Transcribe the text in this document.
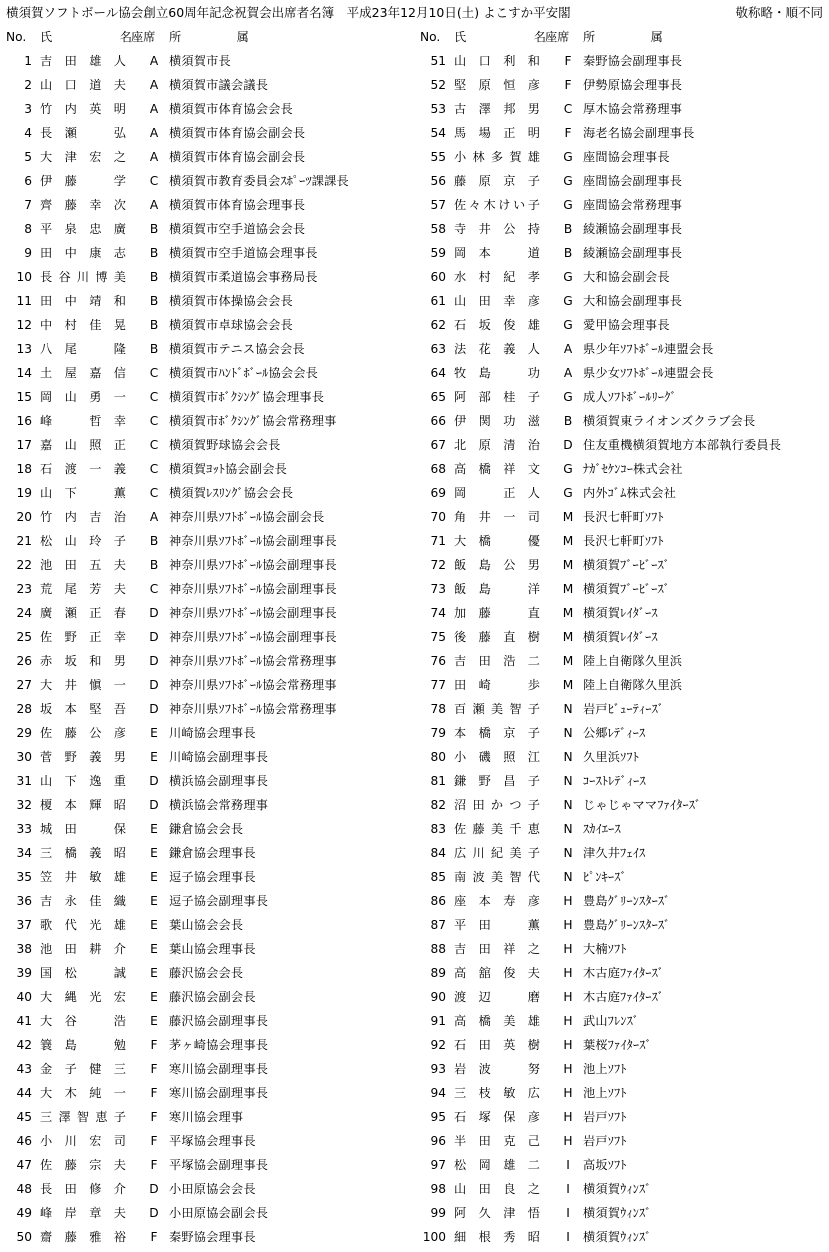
横須賀ソフトボール協会創立60周年記念祝賀会出席者名簿　平成23年12月10日(土) よこすか平安閣	敬称略・順不同
No.	氏　名 座席	所　属
1 吉田雄人	A 横須賀市長
2 山口道夫	A 横須賀市議会議長
3 竹内英明	A 横須賀市体育協会会長
4 長瀬　弘	A 横須賀市体育協会副会長
5 大津宏之	A 横須賀市体育協会副会長
6 伊藤　学	C 横須賀市教育委員会ｽﾎﾟｰﾂ課課長
7 齊藤幸次	A 横須賀市体育協会理事長
8 平泉忠廣	B 横須賀市空手道協会会長
9 田中康志	B 横須賀市空手道協会理事長
10 長谷川博美	B 横須賀市柔道協会事務局長
11 田中靖和	B 横須賀市体操協会会長
12 中村佳晃	B 横須賀市卓球協会会長
13 八尾　隆	B 横須賀市テニス協会会長
14 土屋嘉信	C 横須賀市ﾊﾝﾄﾞﾎﾞｰﾙ協会会長
15 岡山勇一	C 横須賀市ﾎﾞｸｼﾝｸﾞ協会理事長
16 峰　哲幸	C 横須賀市ﾎﾞｸｼﾝｸﾞ協会常務理事
17 嘉山照正	C 横須賀野球協会会長
18 石渡一義	C 横須賀ﾖｯﾄ協会副会長
19 山下　薫	C 横須賀ﾚｽﾘﾝｸﾞ協会会長
20 竹内吉治	A 神奈川県ｿﾌﾄﾎﾞｰﾙ協会副会長
21 松山玲子	B 神奈川県ｿﾌﾄﾎﾞｰﾙ協会副理事長
22 池田五夫	B 神奈川県ｿﾌﾄﾎﾞｰﾙ協会副理事長
23 荒尾芳夫	C 神奈川県ｿﾌﾄﾎﾞｰﾙ協会副理事長
24 廣瀬正春	D 神奈川県ｿﾌﾄﾎﾞｰﾙ協会副理事長
25 佐野正幸	D 神奈川県ｿﾌﾄﾎﾞｰﾙ協会副理事長
26 赤坂和男	D 神奈川県ｿﾌﾄﾎﾞｰﾙ協会常務理事
27 大井愼一	D 神奈川県ｿﾌﾄﾎﾞｰﾙ協会常務理事
28 坂本堅吾	D 神奈川県ｿﾌﾄﾎﾞｰﾙ協会常務理事
29 佐藤公彦	E 川崎協会理事長
30 菅野義男	E 川崎協会副理事長
31 山下逸重	D 横浜協会副理事長
32 榎本輝昭	D 横浜協会常務理事
33 城田　保	E 鎌倉協会会長
34 三橋義昭	E 鎌倉協会理事長
35 笠井敏雄	E 逗子協会理事長
36 吉永佳織	E 逗子協会副理事長
37 歌代光雄	E 葉山協会会長
38 池田耕介	E 葉山協会理事長
39 国松　誠	E 藤沢協会会長
40 大縄光宏	E 藤沢協会副会長
41 大谷　浩	E 藤沢協会副理事長
42 簔島　勉	F 茅ヶ崎協会理事長
43 金子健三	F 寒川協会副理事長
44 大木純一	F 寒川協会副理事長
45 三澤智恵子	F 寒川協会理事
46 小川宏司	F 平塚協会理事長
47 佐藤宗夫	F 平塚協会副理事長
48 長田修介	D 小田原協会会長
49 峰岸章夫	D 小田原協会副会長
50 齋藤雅裕	F 秦野協会理事長
No.	氏　名 座席	所　属
51 山口利和	F 秦野協会副理事長
52 堅原恒彦	F 伊勢原協会理事長
53 古澤邦男	C 厚木協会常務理事
54 馬場正明	F 海老名協会副理事長
55 小林多賀雄	G 座間協会理事長
56 藤原京子	G 座間協会副理事長
57 佐々木けい子	G 座間協会常務理事
58 寺井公持	B 綾瀬協会副理事長
59 岡本　道	B 綾瀬協会副理事長
60 水村紀孝	G 大和協会副会長
61 山田幸彦	G 大和協会副理事長
62 石坂俊雄	G 愛甲協会理事長
63 法花義人	A 県少年ｿﾌﾄﾎﾞｰﾙ連盟会長
64 牧島　功	A 県少女ｿﾌﾄﾎﾞｰﾙ連盟会長
65 阿部桂子	G 成人ｿﾌﾄﾎﾞｰﾙﾘｰｸﾞ
66 伊関功滋	B 横須賀東ライオンズクラブ会長
67 北原清治	D 住友重機横須賀地方本部執行委員長
68 高橋祥文	G ﾅｶﾞｾｹﾝｺｰ株式会社
69 岡　正人	G 内外ｺﾞﾑ株式会社
70 角井一司	M 長沢七軒町ｿﾌﾄ
71 大橋　優	M 長沢七軒町ｿﾌﾄ
72 飯島公男	M 横須賀ﾌﾞｰﾋﾞｰｽﾞ
73 飯島　洋	M 横須賀ﾌﾞｰﾋﾞｰｽﾞ
74 加藤　直	M 横須賀ﾚｲﾀﾞｰｽ
75 後藤直樹	M 横須賀ﾚｲﾀﾞｰｽ
76 吉田浩二	M 陸上自衛隊久里浜
77 田崎　歩	M 陸上自衛隊久里浜
78 百瀬美智子	N 岩戸ﾋﾞｭｰﾃｨｰｽﾞ
79 本橋京子	N 公郷ﾚﾃﾞｨｰｽ
80 小磯照江	N 久里浜ｿﾌﾄ
81 鎌野昌子	N ｺｰｽﾄﾚﾃﾞｨｰｽ
82 沼田かつ子	N じゃじゃママﾌｧｲﾀｰｽﾞ
83 佐藤美千恵	N ｽｶｲｴｰｽ
84 広川紀美子	N 津久井ﾌｪｲｽ
85 南波美智代	N ﾋﾟﾝｷｰｽﾞ
86 座本寿彦	H 豊島ｸﾞﾘｰﾝｽﾀｰｽﾞ
87 平田　薫	H 豊島ｸﾞﾘｰﾝｽﾀｰｽﾞ
88 吉田祥之	H 大楠ｿﾌﾄ
89 高舘俊夫	H 木古庭ﾌｧｲﾀｰｽﾞ
90 渡辺　磨	H 木古庭ﾌｧｲﾀｰｽﾞ
91 高橋美雄	H 武山ﾌﾚﾝｽﾞ
92 石田英樹	H 葉桜ﾌｧｲﾀｰｽﾞ
93 岩波　努	H 池上ｿﾌﾄ
94 三枝敏広	H 池上ｿﾌﾄ
95 石塚保彦	H 岩戸ｿﾌﾄ
96 半田克己	H 岩戸ｿﾌﾄ
97 松岡雄二	I	高坂ｿﾌﾄ
98 山田良之	I	横須賀ｳｨﾝｽﾞ
99 阿久津悟	I	横須賀ｳｨﾝｽﾞ
100 細根秀昭	I	横須賀ｳｨﾝｽﾞ
